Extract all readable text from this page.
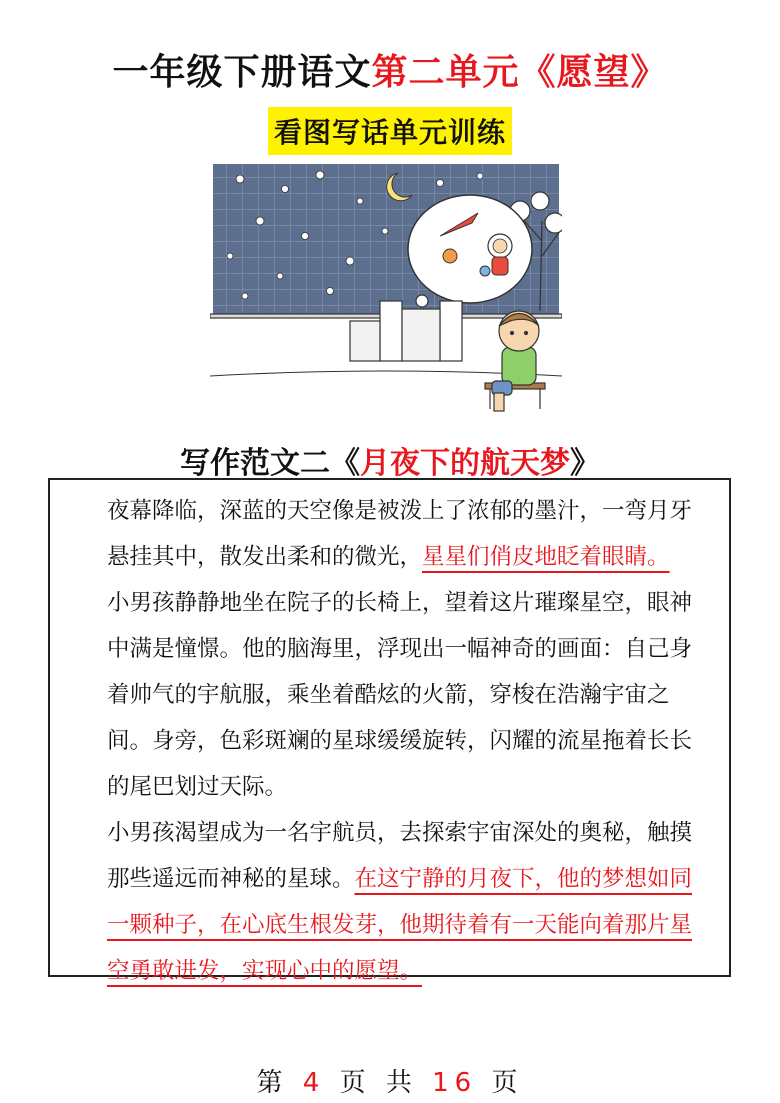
一年级下册语文第二单元《愿望》
看图写话单元训练
写作范文二《月夜下的航天梦》

夜幕降临，深蓝的天空像是被泼上了浓郁的墨汁，一弯月牙悬挂其中，散发出柔和的微光，星星们俏皮地眨着眼睛。

小男孩静静地坐在院子的长椅上，望着这片璀璨星空，眼神中满是憧憬。他的脑海里，浮现出一幅神奇的画面：自己身着帅气的宇航服，乘坐着酷炫的火箭，穿梭在浩瀚宇宙之间。身旁，色彩斑斓的星球缓缓旋转，闪耀的流星拖着长长的尾巴划过天际。

小男孩渴望成为一名宇航员，去探索宇宙深处的奥秘，触摸那些遥远而神秘的星球。在这宁静的月夜下，他的梦想如同一颗种子，在心底生根发芽，他期待着有一天能向着那片星空勇敢进发，实现心中的愿望。

第 4 页 共 16 页
